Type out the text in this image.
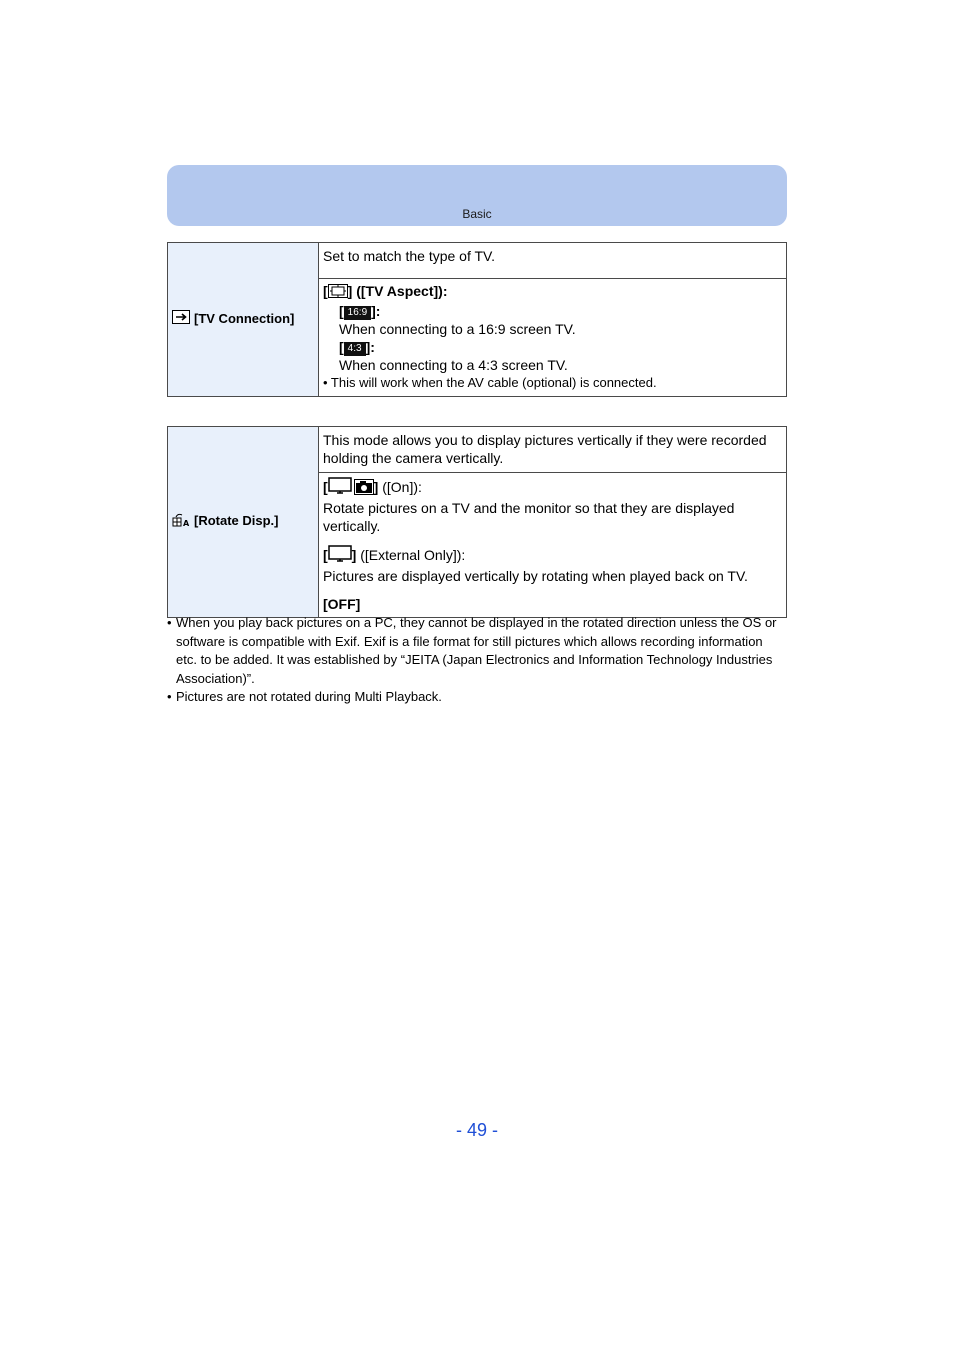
Basic
[TV Connection]	Set to match the type of TV.

[ ] ([TV Aspect]):
[ 16:9 ]:
When connecting to a 16:9 screen TV.
[ 4:3 ]:
When connecting to a 4:3 screen TV.
• This will work when the AV cable (optional) is connected.
A [Rotate Disp.]	This mode allows you to display pictures vertically if they were recorded holding the camera vertically.

[	] ([On]):
Rotate pictures on a TV and the monitor so that they are displayed vertically.
[ ] ([External Only]):
Pictures are displayed vertically by rotating when played back on TV.
[OFF]
• When you play back pictures on a PC, they cannot be displayed in the rotated direction unless the OS or software is compatible with Exif. Exif is a file format for still pictures which allows recording information etc. to be added. It was established by “JEITA (Japan Electronics and Information Technology Industries Association)”.
• Pictures are not rotated during Multi Playback.
- 49 -
